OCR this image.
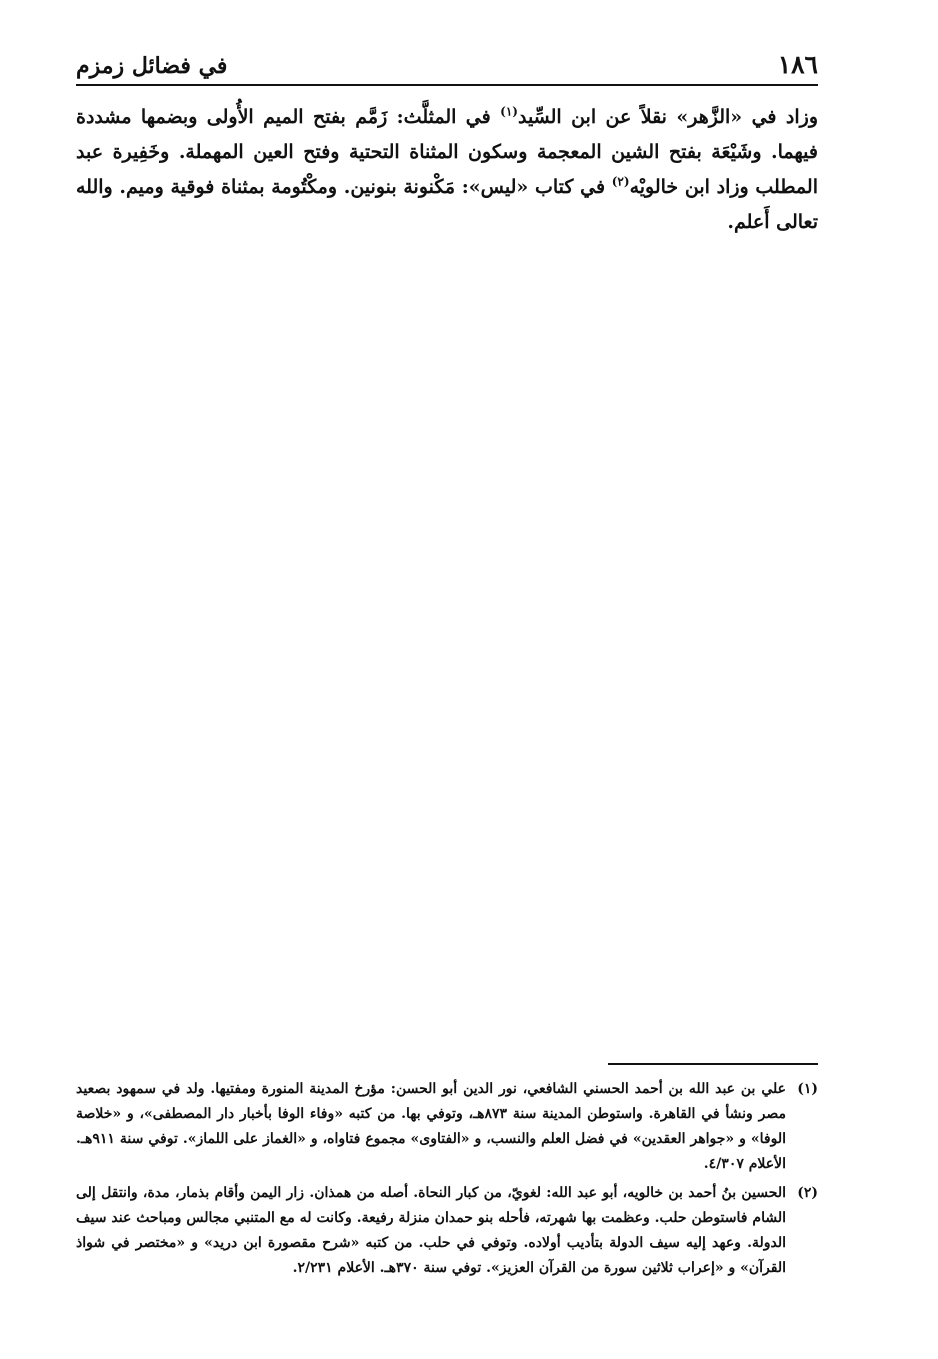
١٨٦
في فضائل زمزم

وزاد في «الزَّهر» نقلاً عن ابن السِّيد$^{(١)}$ في المثلَّث: زَمَّم بفتح الميم الأُولى وبضمها مشددة فيهما. وشَيْعَة بفتح الشين المعجمة وسكون المثناة التحتية وفتح العين المهملة. وخَفِيرة عبد المطلب وزاد ابن خالويْه$^{(٢)}$ في كتاب «ليس»: مَكْنونة بنونين. ومكْتُومة بمثناة فوقية وميم. والله تعالى أَعلم.

(١)
علي بن عبد الله بن أحمد الحسني الشافعي، نور الدين أبو الحسن: مؤرخ المدينة المنورة ومفتيها. ولد في سمهود بصعيد مصر ونشأ في القاهرة. واستوطن المدينة سنة ٨٧٣هـ، وتوفي بها. من كتبه «وفاء الوفا بأخبار دار المصطفى»، و «خلاصة الوفا» و «جواهر العقدين» في فضل العلم والنسب، و «الفتاوى» مجموع فتاواه، و «الغماز على اللماز». توفي سنة ٩١١هـ. الأعلام ٤/٣٠٧.
(٢)
الحسين بنُ أحمد بن خالويه، أبو عبد الله: لغويّ، من كبار النحاة. أصله من همذان. زار اليمن وأقام بذمار، مدة، وانتقل إلى الشام فاستوطن حلب. وعظمت بها شهرته، فأحله بنو حمدان منزلة رفيعة. وكانت له مع المتنبي مجالس ومباحث عند سيف الدولة. وعهد إليه سيف الدولة بتأديب أولاده. وتوفي في حلب. من كتبه «شرح مقصورة ابن دريد» و «مختصر في شواذ القرآن» و «إعراب ثلاثين سورة من القرآن العزيز». توفي سنة ٣٧٠هـ. الأعلام ٢/٢٣١.
